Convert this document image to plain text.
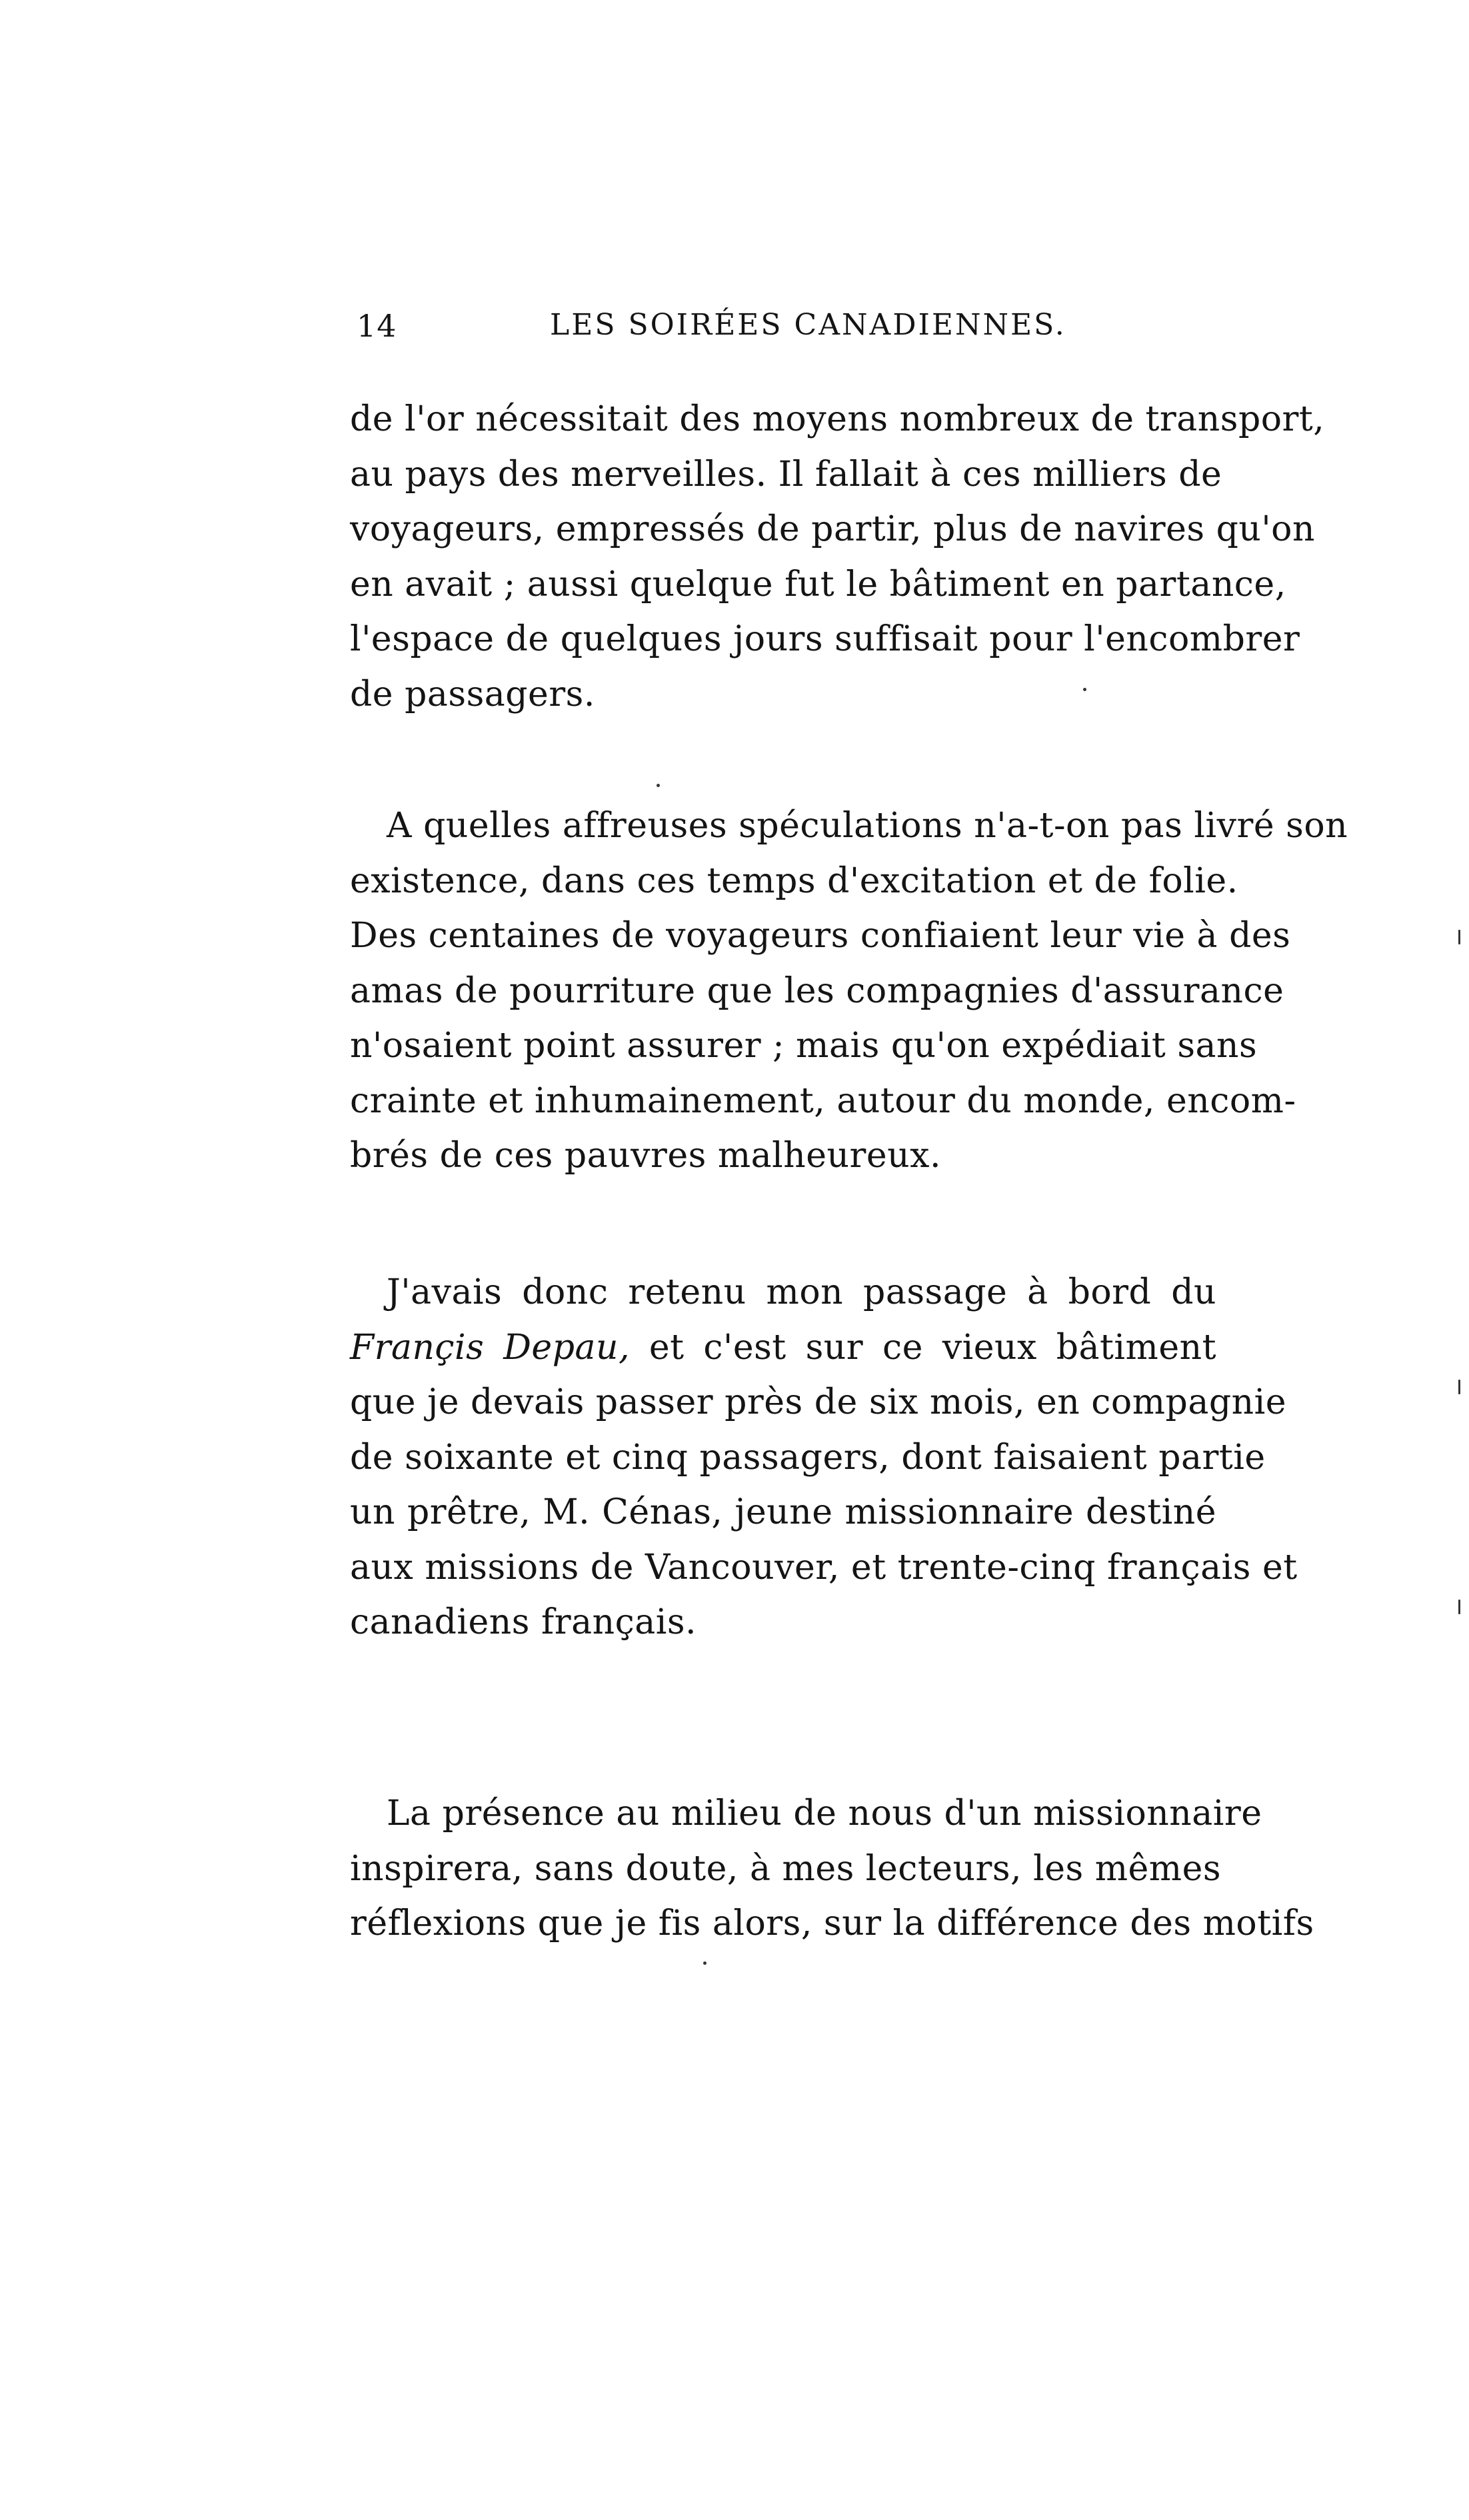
14	LES SOIRÉES CANADIENNES.

de l'or nécessitait des moyens nombreux de transport,
au pays des merveilles. Il fallait à ces milliers de
voyageurs, empressés de partir, plus de navires qu'on
en avait ; aussi quelque fut le bâtiment en partance,
l'espace de quelques jours suffisait pour l'encombrer
de passagers.

A quelles affreuses spéculations n'a-t-on pas livré son
existence, dans ces temps d'excitation et de folie.
Des centaines de voyageurs confiaient leur vie à des
amas de pourriture que les compagnies d'assurance
n'osaient point assurer ; mais qu'on expédiait sans
crainte et inhumainement, autour du monde, encom-
brés de ces pauvres malheureux.

J'avais donc retenu mon passage à bord du
Françis Depau, et c'est sur ce vieux bâtiment
que je devais passer près de six mois, en compagnie
de soixante et cinq passagers, dont faisaient partie
un prêtre, M. Cénas, jeune missionnaire destiné
aux missions de Vancouver, et trente-cinq français et
canadiens français.

La présence au milieu de nous d'un missionnaire
inspirera, sans doute, à mes lecteurs, les mêmes
réflexions que je fis alors, sur la différence des motifs
